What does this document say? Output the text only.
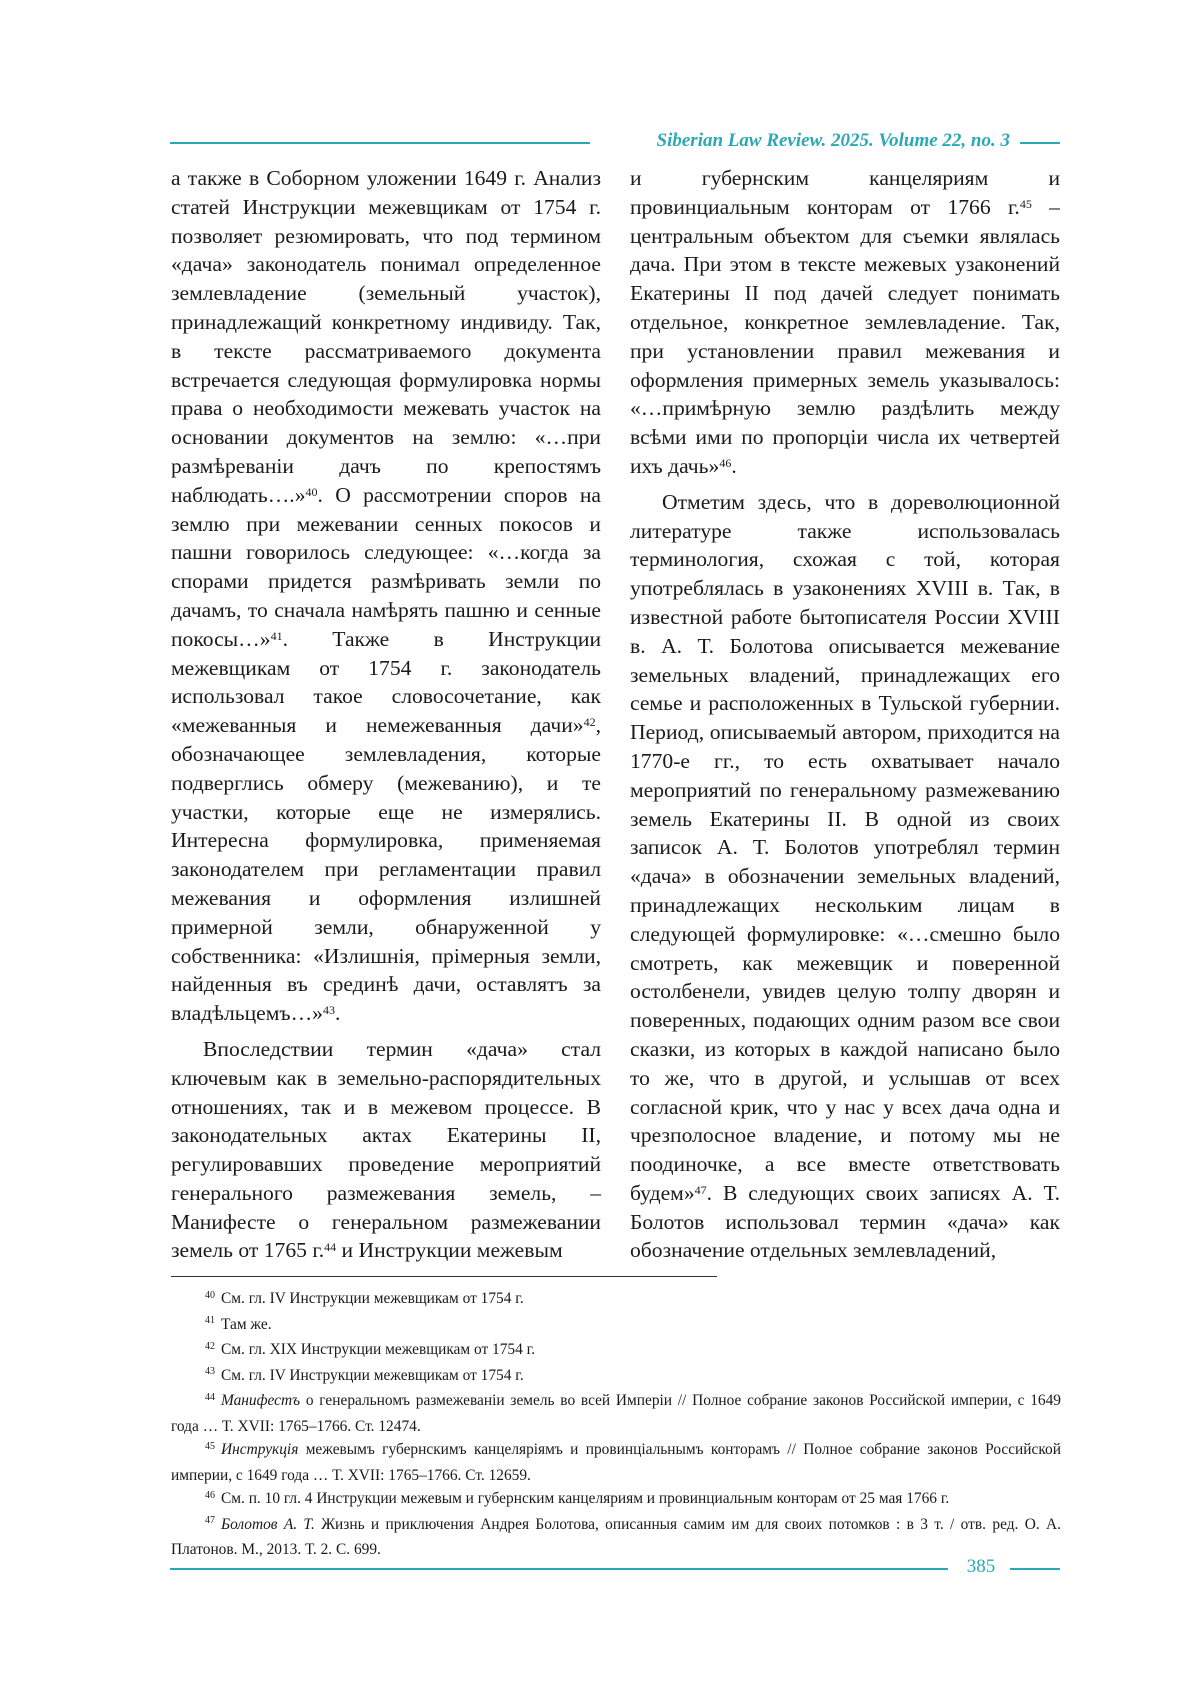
Siberian Law Review. 2025. Volume 22, no. 3

а также в Соборном уложении 1649 г. Анализ статей Инструкции межевщикам от 1754 г. позволяет резюмировать, что под термином «дача» законодатель понимал определенное землевладение (земельный участок), принадлежащий конкретному индивиду. Так, в тексте рассматриваемого документа встречается следующая формулировка нормы права о необходимости межевать участок на основании документов на землю: «…при размѣреваніи дачъ по крепостямъ наблюдать….»$^{40}$. О рассмотрении споров на землю при межевании сенных покосов и пашни говорилось следующее: «…когда за спорами придется размѣривать земли по дачамъ, то сначала намѣрять пашню и сенные покосы…»$^{41}$. Также в Инструкции межевщикам от 1754 г. законодатель использовал такое словосочетание, как «межеванныя и немежеванныя дачи»$^{42}$, обозначающее землевладения, которые подверглись обмеру (межеванию), и те участки, которые еще не измерялись. Интересна формулировка, применяемая законодателем при регламентации правил межевания и оформления излишней примерной земли, обнаруженной у собственника: «Излишнія, прімерныя земли, найденныя въ срединѣ дачи, оставлятъ за владѣльцемъ…»$^{43}$.

Впоследствии термин «дача» стал ключевым как в земельно-распорядительных отношениях, так и в межевом процессе. В законодательных актах Екатерины II, регулировавших проведение мероприятий генерального размежевания земель, – Манифесте о генеральном размежевании земель от 1765 г.$^{44}$ и Инструкции межевым

и губернским канцеляриям и провинциальным конторам от 1766 г.$^{45}$ – центральным объектом для съемки являлась дача. При этом в тексте межевых узаконений Екатерины II под дачей следует понимать отдельное, конкретное землевладение. Так, при установлении правил межевания и оформления примерных земель указывалось: «…примѣрную землю раздѣлить между всѣми ими по пропорціи числа их четвертей ихъ дачь»$^{46}$.

Отметим здесь, что в дореволюционной литературе также использовалась терминология, схожая с той, которая употреблялась в узаконениях XVIII в. Так, в известной работе бытописателя России XVIII в. А. Т. Болотова описывается межевание земельных владений, принадлежащих его семье и расположенных в Тульской губернии. Период, описываемый автором, приходится на 1770-е гг., то есть охватывает начало мероприятий по генеральному размежеванию земель Екатерины II. В одной из своих записок А. Т. Болотов употреблял термин «дача» в обозначении земельных владений, принадлежащих нескольким лицам в следующей формулировке: «…смешно было смотреть, как межевщик и поверенной остолбенели, увидев целую толпу дворян и поверенных, подающих одним разом все свои сказки, из которых в каждой написано было то же, что в другой, и услышав от всех согласной крик, что у нас у всех дача одна и чрезполосное владение, и потому мы не поодиночке, а все вместе ответствовать будем»$^{47}$. В следующих своих записях А. Т. Болотов использовал термин «дача» как обозначение отдельных землевладений,

$^{40}$ См. гл. IV Инструкции межевщикам от 1754 г.
$^{41}$ Там же.
$^{42}$ См. гл. XIX Инструкции межевщикам от 1754 г.
$^{43}$ См. гл. IV Инструкции межевщикам от 1754 г.
$^{44}$ Манифестъ о генеральномъ размежеваніи земель во всей Имперіи // Полное собрание законов Российской империи, с 1649 года … Т. XVII: 1765–1766. Ст. 12474.
$^{45}$ Инструкція межевымъ губернскимъ канцеляріямъ и провинціальнымъ конторамъ // Полное собрание законов Российской империи, с 1649 года … Т. XVII: 1765–1766. Ст. 12659.
$^{46}$ См. п. 10 гл. 4 Инструкции межевым и губернским канцеляриям и провинциальным конторам от 25 мая 1766 г.
$^{47}$ Болотов А. Т. Жизнь и приключения Андрея Болотова, описанныя самим им для своих потомков : в 3 т. / отв. ред. О. А. Платонов. М., 2013. Т. 2. С. 699.
385
